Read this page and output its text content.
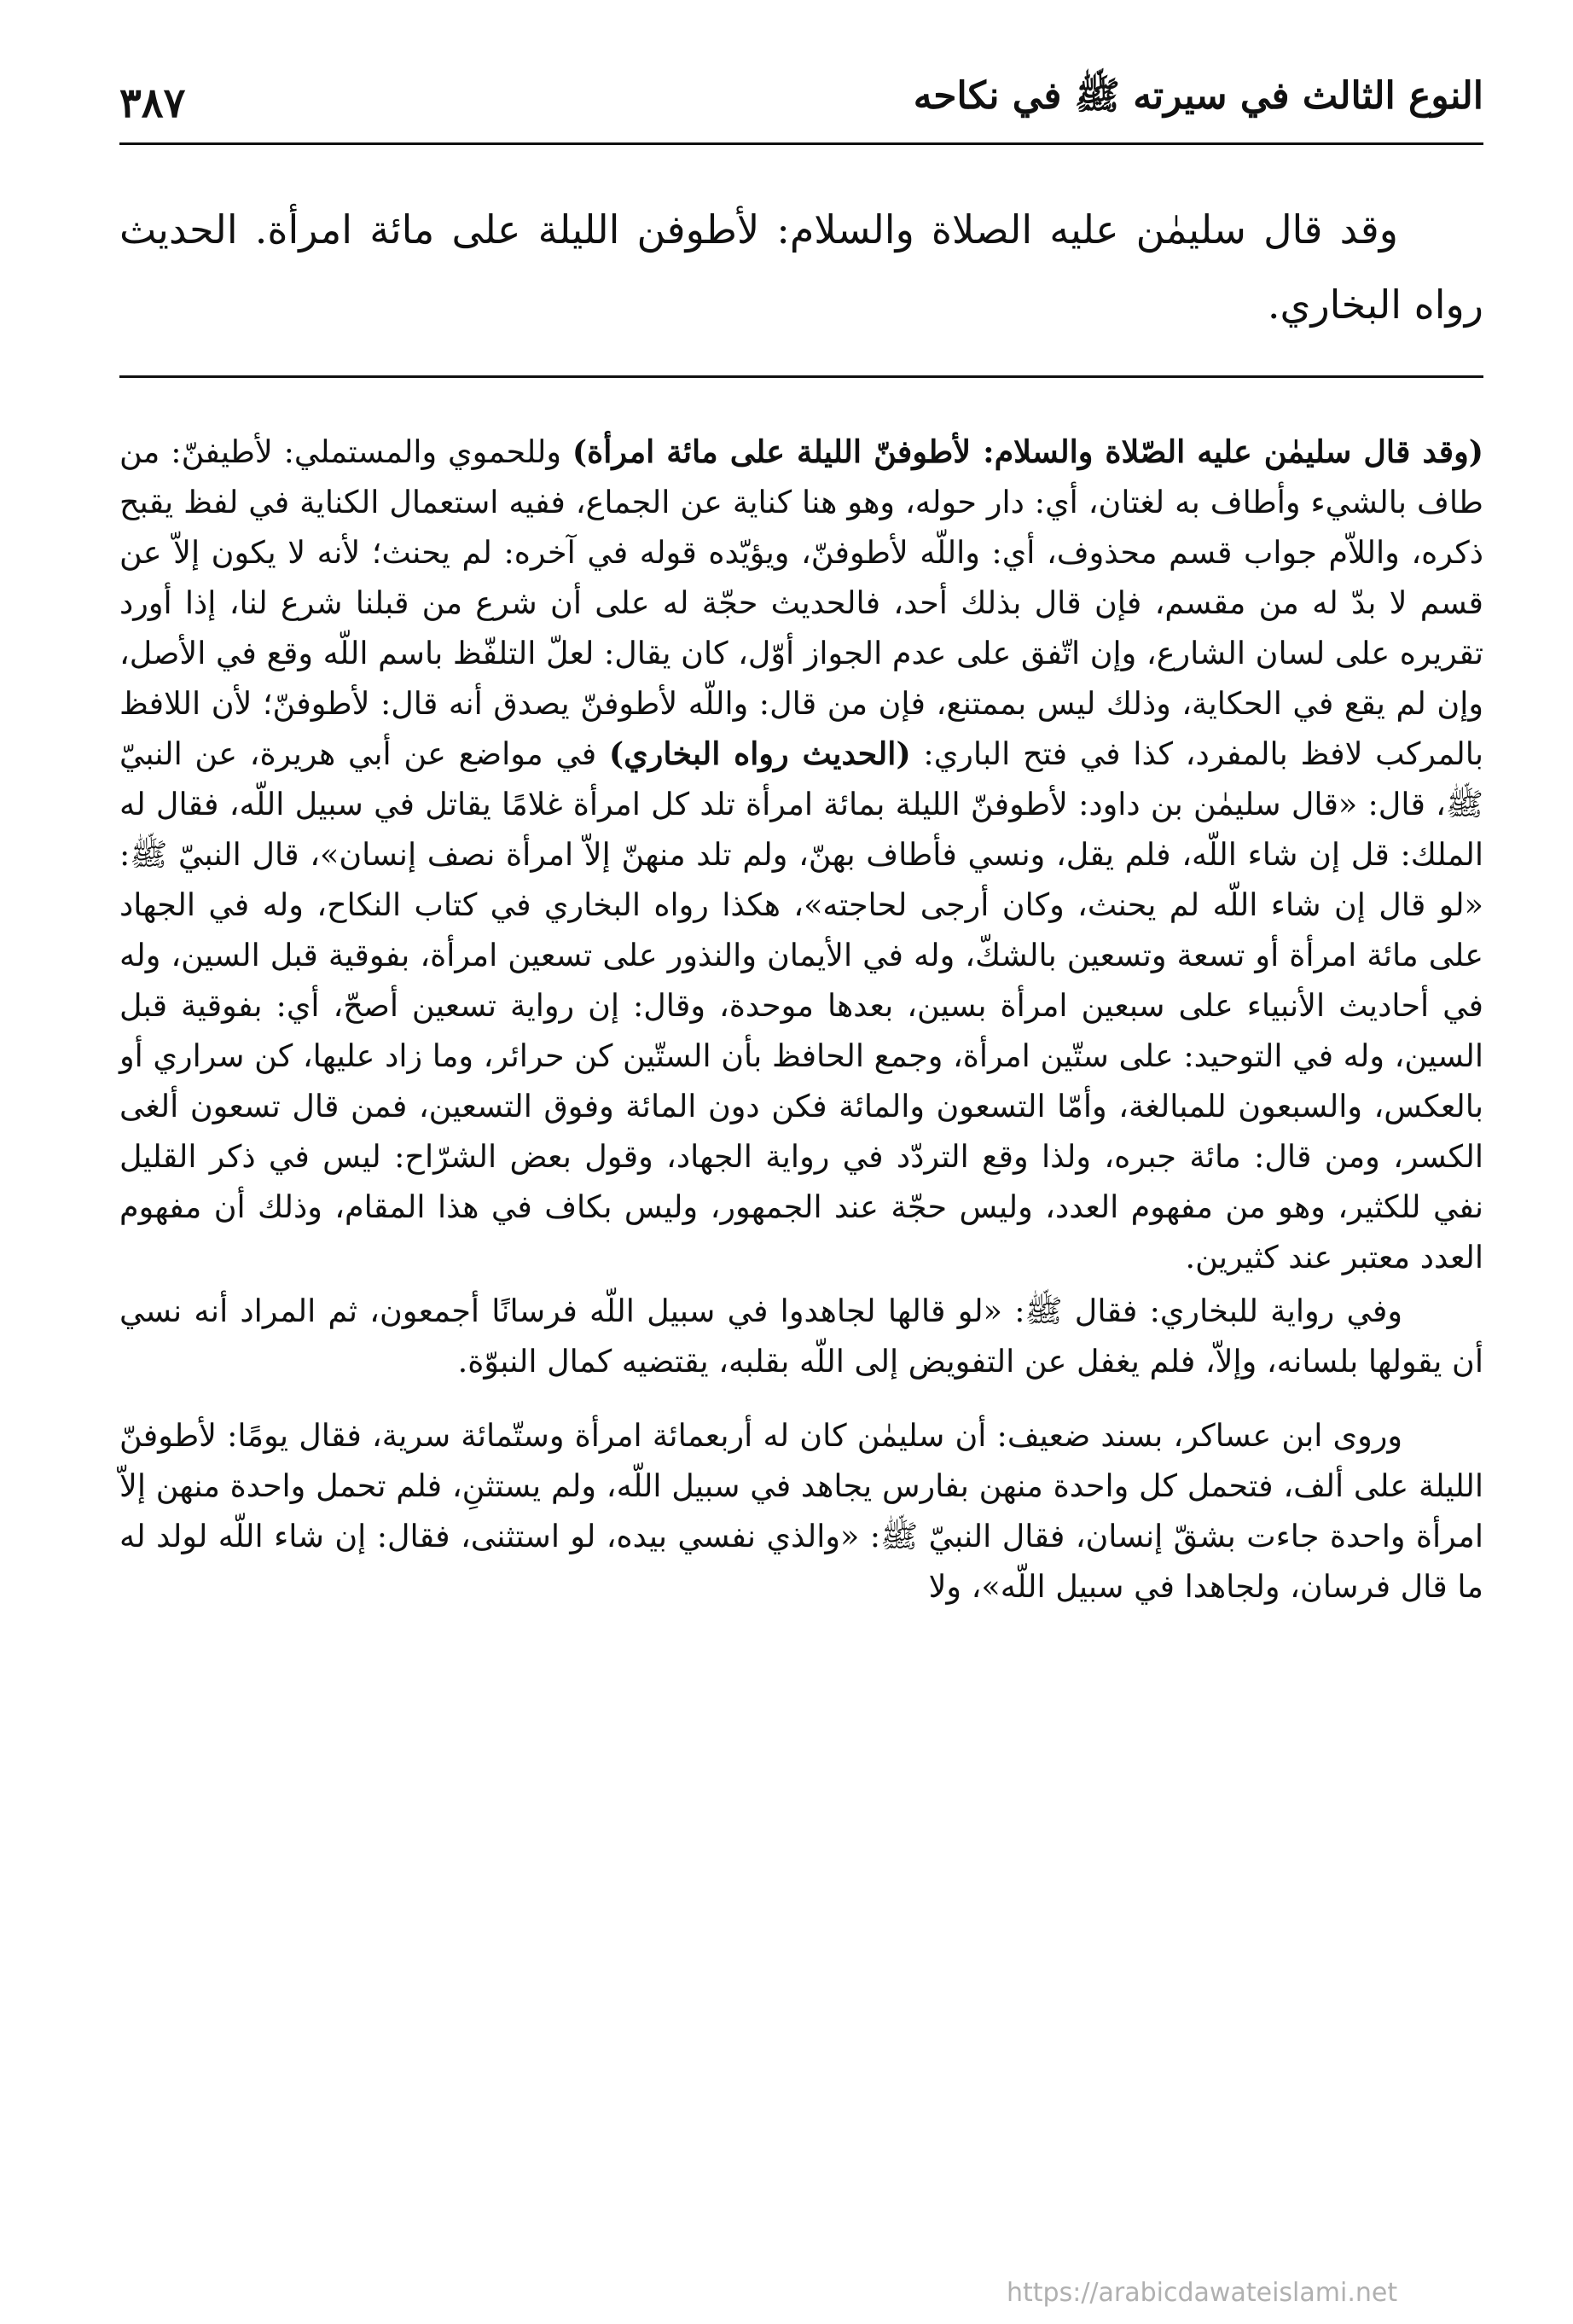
النوع الثالث في سيرته ﷺ في نكاحه
٣٨٧

وقد قال سليمٰن عليه الصلاة والسلام: لأطوفن الليلة على مائة امرأة. الحديث رواه البخاري.

(وقد قال سليمٰن عليه الصّلاة والسلام: لأطوفنّ الليلة على مائة امرأة) وللحموي والمستملي: لأطيفنّ: من طاف بالشيء وأطاف به لغتان، أي: دار حوله، وهو هنا كناية عن الجماع، ففيه استعمال الكناية في لفظ يقبح ذكره، واللاّم جواب قسم محذوف، أي: واللّه لأطوفنّ، ويؤيّده قوله في آخره: لم يحنث؛ لأنه لا يكون إلاّ عن قسم لا بدّ له من مقسم، فإن قال بذلك أحد، فالحديث حجّة له على أن شرع من قبلنا شرع لنا، إذا أورد تقريره على لسان الشارع، وإن اتّفق على عدم الجواز أوّل، كان يقال: لعلّ التلفّظ باسم اللّه وقع في الأصل، وإن لم يقع في الحكاية، وذلك ليس بممتنع، فإن من قال: واللّه لأطوفنّ يصدق أنه قال: لأطوفنّ؛ لأن اللافظ بالمركب لافظ بالمفرد، كذا في فتح الباري: (الحديث رواه البخاري) في مواضع عن أبي هريرة، عن النبيّ ﷺ، قال: «قال سليمٰن بن داود: لأطوفنّ الليلة بمائة امرأة تلد كل امرأة غلامًا يقاتل في سبيل اللّه، فقال له الملك: قل إن شاء اللّه، فلم يقل، ونسي فأطاف بهنّ، ولم تلد منهنّ إلاّ امرأة نصف إنسان»، قال النبيّ ﷺ: «لو قال إن شاء اللّه لم يحنث، وكان أرجى لحاجته»، هكذا رواه البخاري في كتاب النكاح، وله في الجهاد على مائة امرأة أو تسعة وتسعين بالشكّ، وله في الأيمان والنذور على تسعين امرأة، بفوقية قبل السين، وله في أحاديث الأنبياء على سبعين امرأة بسين، بعدها موحدة، وقال: إن رواية تسعين أصحّ، أي: بفوقية قبل السين، وله في التوحيد: على ستّين امرأة، وجمع الحافظ بأن الستّين كن حرائر، وما زاد عليها، كن سراري أو بالعكس، والسبعون للمبالغة، وأمّا التسعون والمائة فكن دون المائة وفوق التسعين، فمن قال تسعون ألغى الكسر، ومن قال: مائة جبره، ولذا وقع التردّد في رواية الجهاد، وقول بعض الشرّاح: ليس في ذكر القليل نفي للكثير، وهو من مفهوم العدد، وليس حجّة عند الجمهور، وليس بكاف في هذا المقام، وذلك أن مفهوم العدد معتبر عند كثيرين.

وفي رواية للبخاري: فقال ﷺ: «لو قالها لجاهدوا في سبيل اللّه فرسانًا أجمعون، ثم المراد أنه نسي أن يقولها بلسانه، وإلاّ، فلم يغفل عن التفويض إلى اللّه بقلبه، يقتضيه كمال النبوّة.

وروى ابن عساكر، بسند ضعيف: أن سليمٰن كان له أربعمائة امرأة وستّمائة سرية، فقال يومًا: لأطوفنّ الليلة على ألف، فتحمل كل واحدة منهن بفارس يجاهد في سبيل اللّه، ولم يستثنِ، فلم تحمل واحدة منهن إلاّ امرأة واحدة جاءت بشقّ إنسان، فقال النبيّ ﷺ: «والذي نفسي بيده، لو استثنى، فقال: إن شاء اللّه لولد له ما قال فرسان، ولجاهدا في سبيل اللّه»، ولا

https://arabicdawateislami.net
